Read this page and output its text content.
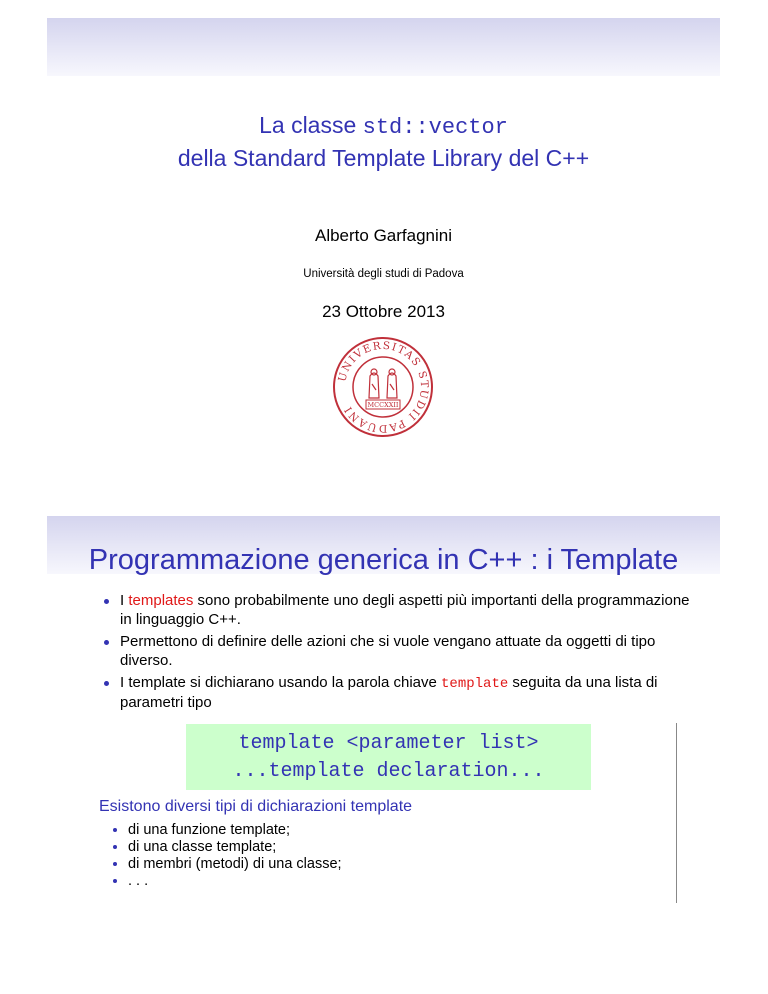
La classe std::vector
della Standard Template Library del C++
Alberto Garfagnini
Università degli studi di Padova
23 Ottobre 2013
UNIVERSITAS STUDII PADUANI	MCCXXII
Programmazione generica in C++ : i Template
I templates sono probabilmente uno degli aspetti più importanti della programmazione in linguaggio C++.
Permettono di definire delle azioni che si vuole vengano attuate da oggetti di tipo diverso.
I template si dichiarano usando la parola chiave template seguita da una lista di parametri tipo
template <parameter list>
...template declaration...
Esistono diversi tipi di dichiarazioni template
di una funzione template;
di una classe template;
di membri (metodi) di una classe;
. . .
